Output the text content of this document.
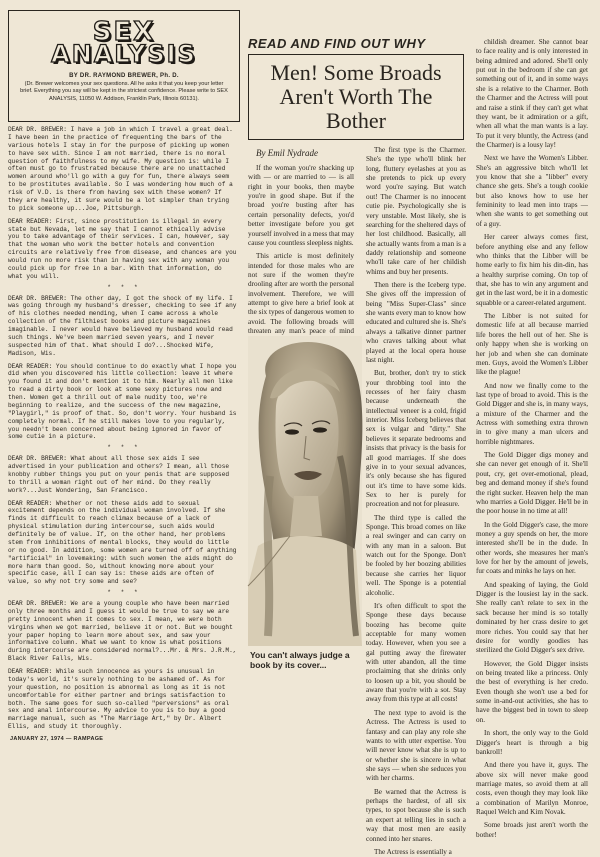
SEX
ANALYSIS
BY DR. RAYMOND BREWER, Ph. D.
(Dr. Brewer welcomes your sex questions. All he asks it that you keep your letter brief. Everything you say will be kept in the strictest confidence. Please write to SEX ANALYSIS, 11050 W. Addison, Franklin Park, Illinois 60131).

DEAR DR. BREWER: I have a job in which I travel a great deal. I have been in the practice of frequenting the bars of the various hotels I stay in for the purpose of picking up women to have sex with. Since I am not married, there is no moral question of faithfulness to my wife. My question is: while I often must go to frustrated because there are no unattached women around who'll go with a guy for fun, there always seem to be prostitutes available. So I was wondering how much of a risk of V.D. is there from having sex with these women? If they are healthy, it sure would be a lot simpler than trying to pick someone up...Joe, Pittsburgh.

DEAR READER: First, since prostitution is illegal in every state but Nevada, let me say that I cannot ethically advise you to take advantage of their services. I can, however, say that the woman who work the better hotels and convention circuits are relatively free from disease, and chances are you would run no more risk than in having sex with any woman you could pick up for free in a bar. With that information, do what you will.

* * *

DEAR DR. BREWER: The other day, I got the shock of my life. I was going through my husband's dresser, checking to see if any of his clothes needed mending, when I came across a whole collection of the filthiest books and picture magazines imaginable. I never would have believed my husband would read such things. We've been married seven years, and I never suspected him of that. What should I do?...Shocked Wife, Madison, Wis.

DEAR READER: You should continue to do exactly what I hope you did when you discovered his little collection: leave it where you found it and don't mention it to him. Nearly all men like to read a dirty book or look at some sexy pictures now and then. Women get a thrill out of male nudity too, we're beginning to realize, and the success of the new magazine, "Playgirl," is proof of that. So, don't worry. Your husband is completely normal. If he still makes love to you regularly, you needn't been concerned about being ignored in favor of some cutie in a picture.

* * *

DEAR DR. BREWER: What about all those sex aids I see advertised in your publication and others? I mean, all those knobby rubber things you put on your penis that are supposed to thrill a woman right out of her mind. Do they really work?...Just Wondering, San Francisco.

DEAR READER: Whether or not these aids add to sexual excitement depends on the individual woman involved. If she finds it difficult to reach climax because of a lack of physical stimulation during intercourse, such aids would definitely be of value. If, on the other hand, her problems stem from inhibitions of mental blocks, they would do little or no good. In addition, some women are turned off of anything "artificial" in lovemaking: with such women the aids might do more harm than good. So, without knowing more about your specific case, all I can say is: these aids are often of value, so why not try some and see?

* * *

DEAR DR. BREWER: We are a young couple who have been married only three months and I guess it would be true to say we are pretty innocent when it comes to sex. I mean, we were both virgins when we got married, believe it or not. But we bought your paper hoping to learn more about sex, and saw your informative column. What we want to know is what positions during intercourse are considered normal?...Mr. & Mrs. J.R.M., Black River Falls, Wis.

DEAR READER: While such innocence as yours is unusual in today's world, it's surely nothing to be ashamed of. As for your question, no position is abnormal as long as it is not uncomfortable for either partner and brings satisfaction to both. The same goes for such so-called "perversions" as oral sex and anal intercourse. My advice to you is to buy a good marriage manual, such as "The Marriage Art," by Dr. Albert Ellis, and study it thoroughly.

JANUARY 27, 1974 — RAMPAGE
READ AND FIND OUT WHY
Men! Some Broads Aren't Worth The Bother
By Emil Nydrade

If the woman you're shacking up with — or are married to — is all right in your books, then maybe you're in good shape. But if the broad you're busting after has certain personality defects, you'd better investigate before you get yourself involved in a mess that may cause you countless sleepless nights.

This article is most definitely intended for those males who are not sure if the women they're drooling after are worth the personal involvement. Therefore, we will attempt to give here a brief look at the six types of dangerous women to avoid. The following broads will threaten any man's peace of mind

You can't always judge a book by its cover...

The first type is the Charmer. She's the type who'll blink her long, fluttery eyelashes at you as she pretends to pick up every word you're saying. But watch out! The Charmer is no innocent cutie pie. Psychologically she is very unstable. Most likely, she is searching for the sheltered days of her lost childhood. Basically, all she actually wants from a man is a daddy relationship and someone who'll take care of her childish whims and buy her presents.

Then there is the Iceberg type. She gives off the impression of being "Miss Super-Class" since she wants every man to know how educated and cultured she is. She's always a talkative dinner partner who craves talking about what played at the local opera house last night.

But, brother, don't try to stick your throbbing tool into the recesses of her fairy chasm because underneath the intellectual veneer is a cold, frigid interior. Miss Iceberg believes that sex is vulgar and "dirty." She believes it separate bedrooms and insists that privacy is the basis for all good marriages. If she does give in to your sexual advances, it's only because she has figured out it's time to have some kids. Sex to her is purely for procreation and not for pleasure.

The third type is called the Sponge. This broad comes on like a real swinger and can carry on with any man in a saloon. But watch out for the Sponge. Don't be fooled by her boozing abilities because she carries her liquor well. The Sponge is a potential alcoholic.

It's often difficult to spot the Sponge these days because boozing has become quite acceptable for many women today. However, when you see a gal putting away the firewater with utter abandon, all the time proclaiming that she drinks only to loosen up a bit, you should be aware that you're with a sot. Stay away from this type at all costs!

The next type to avoid is the Actress. The Actress is used to fantasy and can play any role she wants to with utter expertise. You will never know what she is up to or whether she is sincere in what she says — when she seduces you with her charms.

Be warned that the Actress is perhaps the hardest, of all six types, to spot because she is such an expert at telling lies in such a way that most men are easily conned into her snares.

The Actress is essentially a

childish dreamer. She cannot bear to face reality and is only interested in being admired and adored. She'll only put out in the bedroom if she can get something out of it, and in some ways she is a relative to the Charmer. Both the Charmer and the Actress will pout and raise a stink if they can't get what they want, be it admiration or a gift, when all what the man wants is a lay. To put it very bluntly, the Actress (and the Charmer) is a lousy lay!

Next we have the Women's Libber. She's an aggressive bitch who'll let you know that she a "libber" every chance she gets. She's a tough cookie but also knows how to use her femininity to lead men into traps — when she wants to get something out of a guy.

Her career always comes first, before anything else and any fellow who thinks that the Libber will be home early to fix him his din-din, has a healthy surprise coming. On top of that, she has to win any argument and get in the last word, be it in a domestic squabble or a career-related argument.

The Libber is not suited for domestic life at all because married life bores the hell out of her. She is only happy when she is working on her job and when she can dominate men. Guys, avoid the Women's Libber like the plague!

And now we finally come to the last type of broad to avoid. This is the Gold Digger and she is, in many ways, a mixture of the Charmer and the Actress with something extra thrown in to give many a man ulcers and horrible nightmares.

The Gold Digger digs money and she can never get enough of it. She'll pout, cry, get over-emotional, plead, beg and demand money if she's found the right sucker. Heaven help the man who marries a Gold Digger. He'll be in the poor house in no time at all!

In the Gold Digger's case, the more money a guy spends on her, the more interested she'll be in the dude. In other words, she measures her man's love for her by the amount of jewels, fur coats and minks he lays on her.

And speaking of laying, the Gold Digger is the lousiest lay in the sack. She really can't relate to sex in the sack because her mind is so totally dominated by her crass desire to get more riches. You could say that her desire for wordly goodies has sterilized the Gold Digger's sex drive.

However, the Gold Digger insists on being treated like a princess. Only the best of everything is her credo. Even though she won't use a bed for some in-and-out activities, she has to have the biggest bed in town to sleep on.

In short, the only way to the Gold Digger's heart is through a big bankroll!

And there you have it, guys. The above six will never make good marriage mates, so avoid them at all costs, even though they may look like a combination of Marilyn Monroe, Raquel Welch and Kim Novak.

Some broads just aren't worth the bother!
